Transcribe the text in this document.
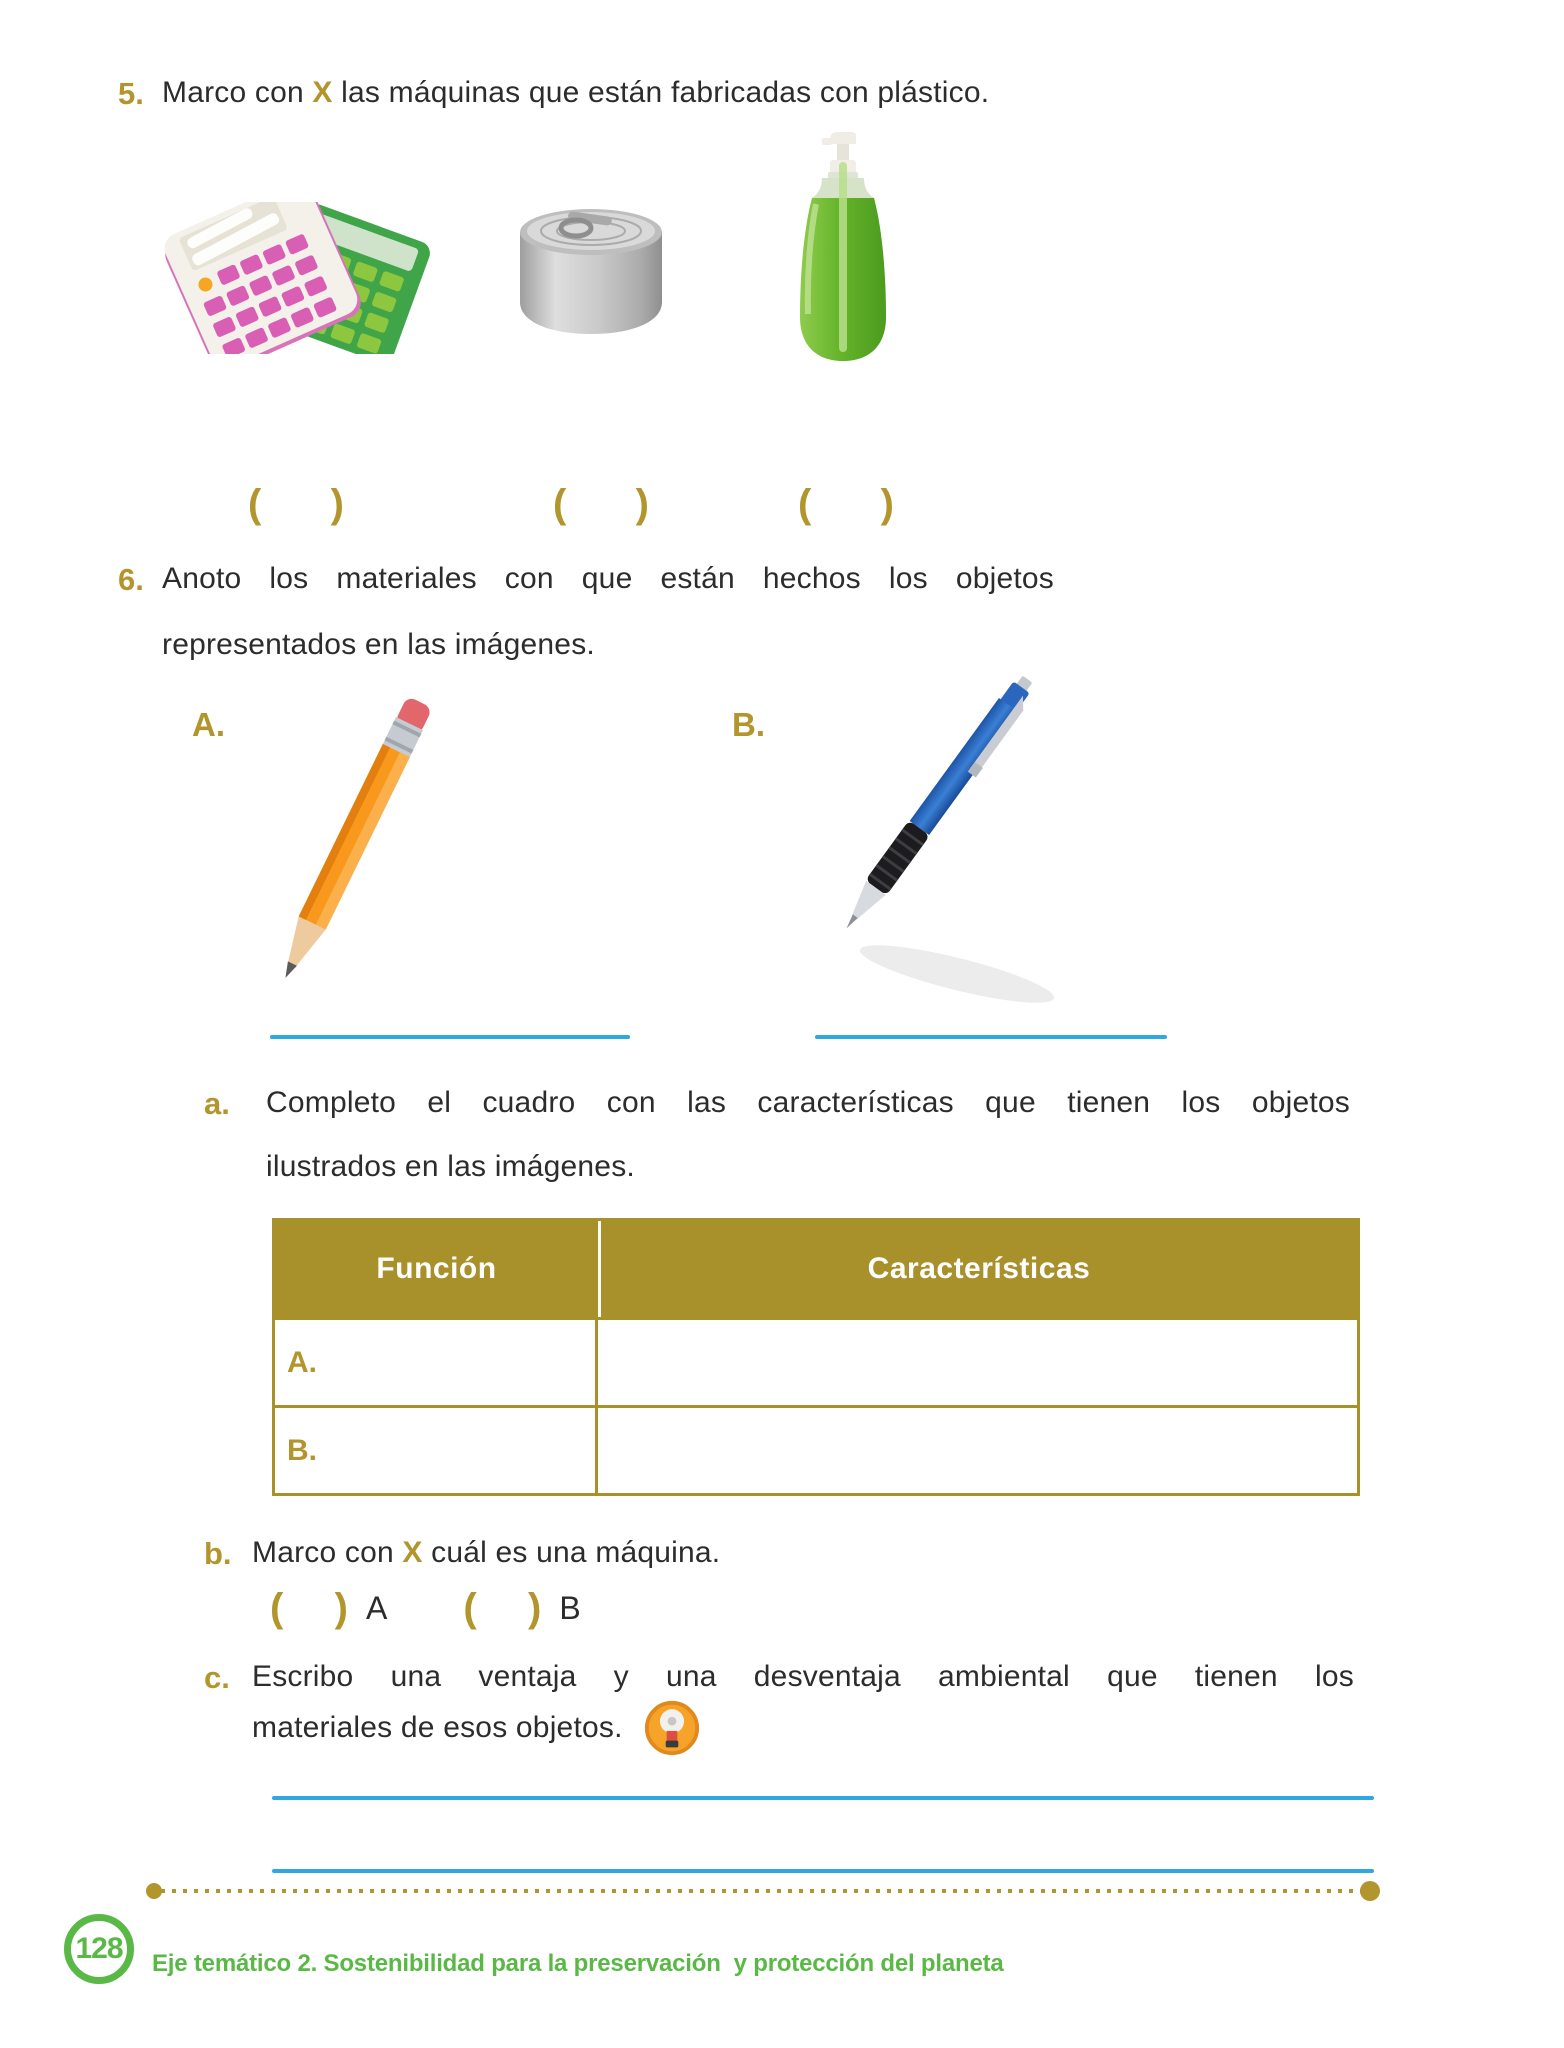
5. Marco con X las máquinas que están fabricadas con plástico.

( )	( )	( )
6. Anoto los materiales con que están hechos los objetos
representados en las imágenes.
A.	B.
a. Completo el cuadro con las características que tienen los objetos
ilustrados en las imágenes.
Función	Características
A.
B.
b. Marco con X cuál es una máquina.

( ) A ( ) B
c. Escribo una ventaja y una desventaja ambiental que tienen los
materiales de esos objetos.
128 Eje temático 2. Sostenibilidad para la preservación  y protección del planeta
